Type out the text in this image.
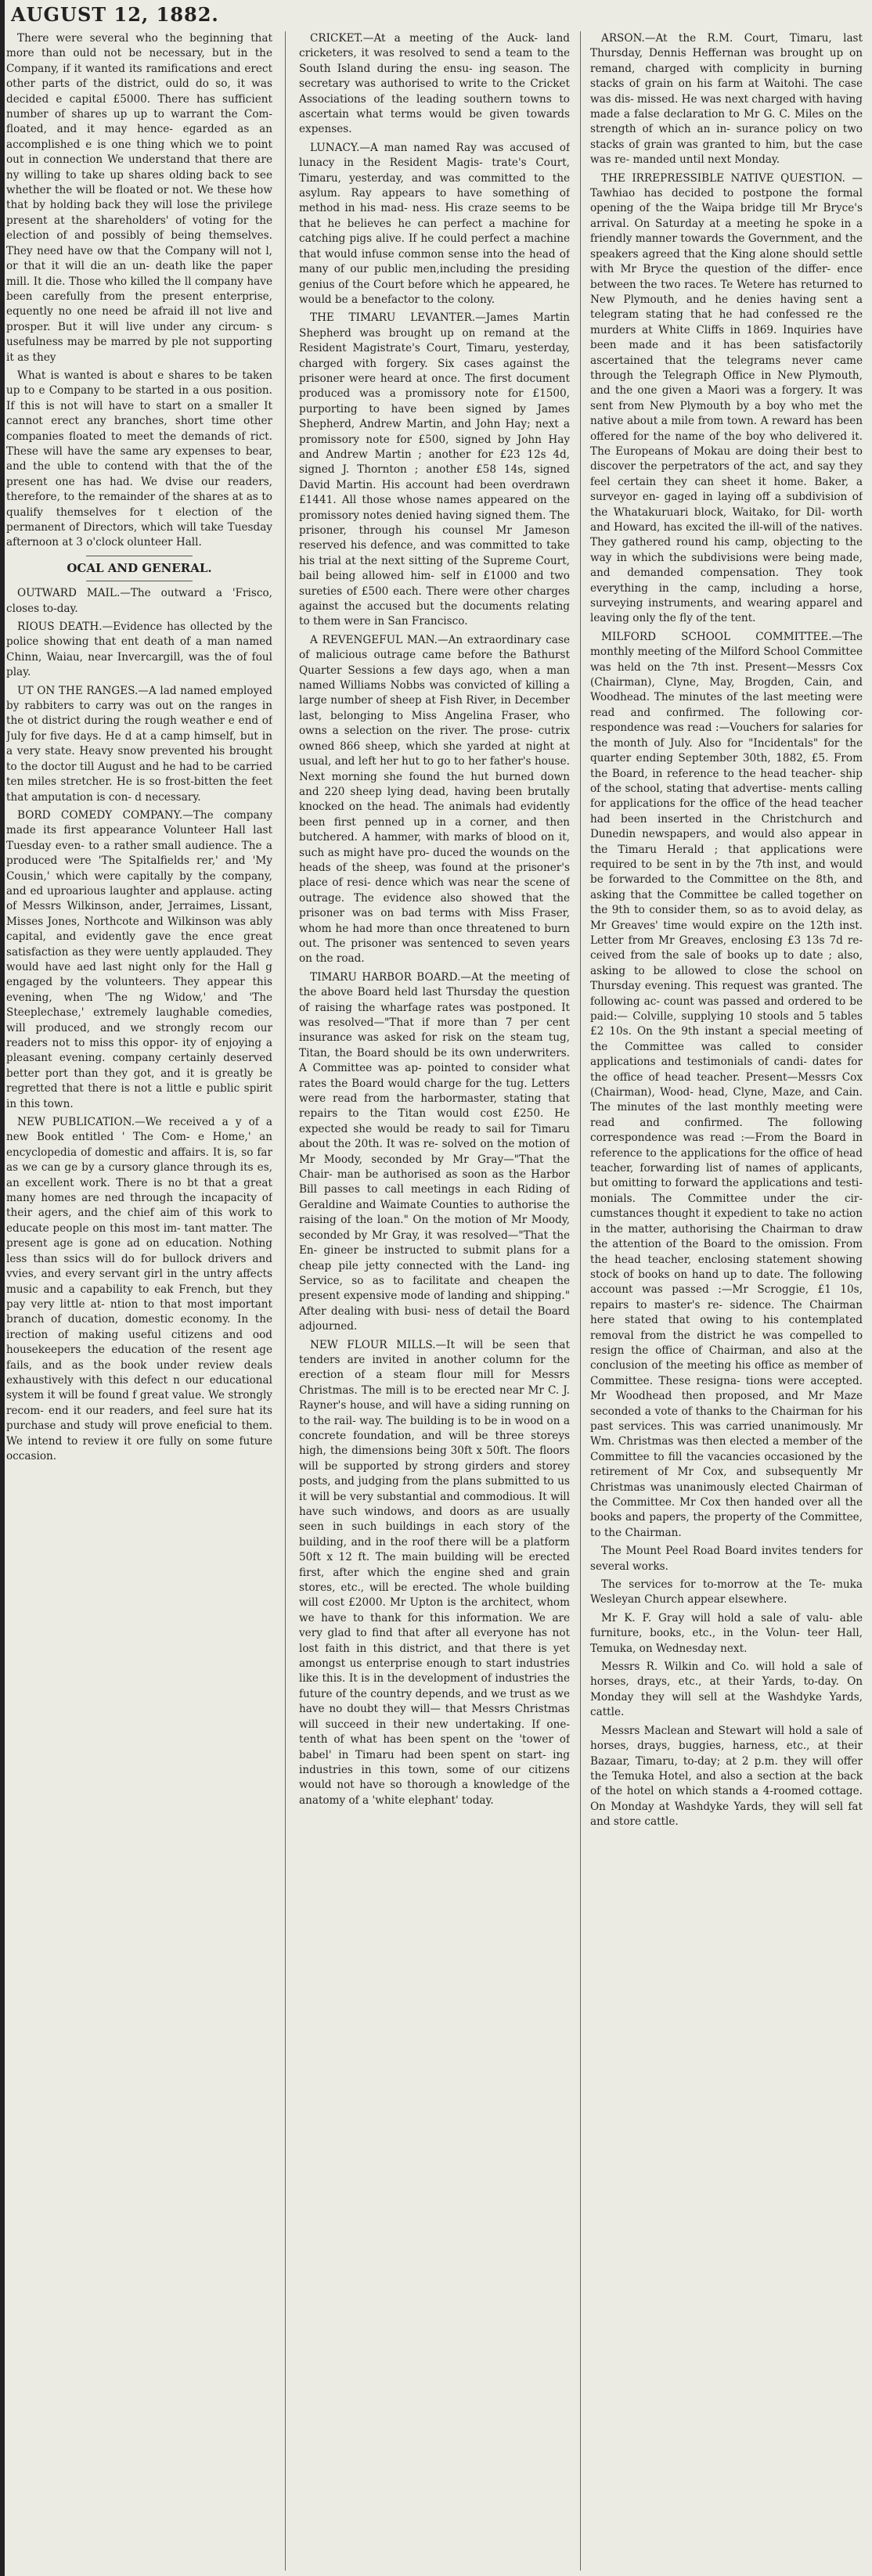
AUGUST 12, 1882.

There were several who the beginning that more than ould not be necessary, but in the Company, if it wanted its ramifications and erect other parts of the district, ould do so, it was decided e capital £5000. There has sufficient number of shares up up to warrant the Com- floated, and it may hence- egarded as an accomplished e is one thing which we to point out in connection We understand that there are ny willing to take up shares olding back to see whether the will be floated or not. We these how that by holding back they will lose the privilege present at the shareholders' of voting for the election of and possibly of being themselves. They need have ow that the Company will not l, or that it will die an un- death like the paper mill. It die. Those who killed the ll company have been carefully from the present enterprise, equently no one need be afraid ill not live and prosper. But it will live under any circum- s usefulness may be marred by ple not supporting it as they

What is wanted is about e shares to be taken up to e Company to be started in a ous position. If this is not will have to start on a smaller It cannot erect any branches, short time other companies floated to meet the demands of rict. These will have the same ary expenses to bear, and the uble to contend with that the of the present one has had. We dvise our readers, therefore, to the remainder of the shares at as to qualify themselves for t election of the permanent of Directors, which will take Tuesday afternoon at 3 o'clock olunteer Hall.

OCAL AND GENERAL.

OUTWARD MAIL.—The outward a 'Frisco, closes to-day.

RIOUS DEATH.—Evidence has ollected by the police showing that ent death of a man named Chinn, Waiau, near Invercargill, was the of foul play.

UT ON THE RANGES.—A lad named employed by rabbiters to carry was out on the ranges in the ot district during the rough weather e end of July for five days. He d at a camp himself, but in a very state. Heavy snow prevented his brought to the doctor till August and he had to be carried ten miles stretcher. He is so frost-bitten the feet that amputation is con- d necessary.

BORD COMEDY COMPANY.—The company made its first appearance Volunteer Hall last Tuesday even- to a rather small audience. The a produced were 'The Spitalfields rer,' and 'My Cousin,' which were capitally by the company, and ed uproarious laughter and applause. acting of Messrs Wilkinson, ander, Jerraimes, Lissant, Misses Jones, Northcote and Wilkinson was ably capital, and evidently gave the ence great satisfaction as they were uently applauded. They would have aed last night only for the Hall g engaged by the volunteers. They appear this evening, when 'The ng Widow,' and 'The Steeplechase,' extremely laughable comedies, will produced, and we strongly recom our readers not to miss this oppor- ity of enjoying a pleasant evening. company certainly deserved better port than they got, and it is greatly be regretted that there is not a little e public spirit in this town.

NEW PUBLICATION.—We received a y of a new Book entitled ' The Com- e Home,' an encyclopedia of domestic and affairs. It is, so far as we can ge by a cursory glance through its es, an excellent work. There is no bt that a great many homes are ned through the incapacity of their agers, and the chief aim of this work to educate people on this most im- tant matter. The present age is gone ad on education. Nothing less than ssics will do for bullock drivers and vvies, and every servant girl in the untry affects music and a capability to eak French, but they pay very little at- ntion to that most important branch of ducation, domestic economy. In the irection of making useful citizens and ood housekeepers the education of the resent age fails, and as the book under review deals exhaustively with this defect n our educational system it will be found f great value. We strongly recom- end it our readers, and feel sure hat its purchase and study will prove eneficial to them. We intend to review it ore fully on some future occasion.

CRICKET.—At a meeting of the Auck- land cricketers, it was resolved to send a team to the South Island during the ensu- ing season. The secretary was authorised to write to the Cricket Associations of the leading southern towns to ascertain what terms would be given towards expenses.

LUNACY.—A man named Ray was accused of lunacy in the Resident Magis- trate's Court, Timaru, yesterday, and was committed to the asylum. Ray appears to have something of method in his mad- ness. His craze seems to be that he believes he can perfect a machine for catching pigs alive. If he could perfect a machine that would infuse common sense into the head of many of our public men,including the presiding genius of the Court before which he appeared, he would be a benefactor to the colony.

THE TIMARU LEVANTER.—James Martin Shepherd was brought up on remand at the Resident Magistrate's Court, Timaru, yesterday, charged with forgery. Six cases against the prisoner were heard at once. The first document produced was a promissory note for £1500, purporting to have been signed by James Shepherd, Andrew Martin, and John Hay; next a promissory note for £500, signed by John Hay and Andrew Martin ; another for £23 12s 4d, signed J. Thornton ; another £58 14s, signed David Martin. His account had been overdrawn £1441. All those whose names appeared on the promissory notes denied having signed them. The prisoner, through his counsel Mr Jameson reserved his defence, and was committed to take his trial at the next sitting of the Supreme Court, bail being allowed him- self in £1000 and two sureties of £500 each. There were other charges against the accused but the documents relating to them were in San Francisco.

A REVENGEFUL MAN.—An extraordinary case of malicious outrage came before the Bathurst Quarter Sessions a few days ago, when a man named Williams Nobbs was convicted of killing a large number of sheep at Fish River, in December last, belonging to Miss Angelina Fraser, who owns a selection on the river. The prose- cutrix owned 866 sheep, which she yarded at night at usual, and left her hut to go to her father's house. Next morning she found the hut burned down and 220 sheep lying dead, having been brutally knocked on the head. The animals had evidently been first penned up in a corner, and then butchered. A hammer, with marks of blood on it, such as might have pro- duced the wounds on the heads of the sheep, was found at the prisoner's place of resi- dence which was near the scene of outrage. The evidence also showed that the prisoner was on bad terms with Miss Fraser, whom he had more than once threatened to burn out. The prisoner was sentenced to seven years on the road.

TIMARU HARBOR BOARD.—At the meeting of the above Board held last Thursday the question of raising the wharfage rates was postponed. It was resolved—"That if more than 7 per cent insurance was asked for risk on the steam tug, Titan, the Board should be its own underwriters. A Committee was ap- pointed to consider what rates the Board would charge for the tug. Letters were read from the harbormaster, stating that repairs to the Titan would cost £250. He expected she would be ready to sail for Timaru about the 20th. It was re- solved on the motion of Mr Moody, seconded by Mr Gray—"That the Chair- man be authorised as soon as the Harbor Bill passes to call meetings in each Riding of Geraldine and Waimate Counties to authorise the raising of the loan." On the motion of Mr Moody, seconded by Mr Gray, it was resolved—"That the En- gineer be instructed to submit plans for a cheap pile jetty connected with the Land- ing Service, so as to facilitate and cheapen the present expensive mode of landing and shipping." After dealing with busi- ness of detail the Board adjourned.

NEW FLOUR MILLS.—It will be seen that tenders are invited in another column for the erection of a steam flour mill for Messrs Christmas. The mill is to be erected near Mr C. J. Rayner's house, and will have a siding running on to the rail- way. The building is to be in wood on a concrete foundation, and will be three storeys high, the dimensions being 30ft x 50ft. The floors will be supported by strong girders and storey posts, and judging from the plans submitted to us it will be very substantial and commodious. It will have such windows, and doors as are usually seen in such buildings in each story of the building, and in the roof there will be a platform 50ft x 12 ft. The main building will be erected first, after which the engine shed and grain stores, etc., will be erected. The whole building will cost £2000. Mr Upton is the architect, whom we have to thank for this information. We are very glad to find that after all everyone has not lost faith in this district, and that there is yet amongst us enterprise enough to start industries like this. It is in the development of industries the future of the country depends, and we trust as we have no doubt they will— that Messrs Christmas will succeed in their new undertaking. If one-tenth of what has been spent on the 'tower of babel' in Timaru had been spent on start- ing industries in this town, some of our citizens would not have so thorough a knowledge of the anatomy of a 'white elephant' today.

ARSON.—At the R.M. Court, Timaru, last Thursday, Dennis Heffernan was brought up on remand, charged with complicity in burning stacks of grain on his farm at Waitohi. The case was dis- missed. He was next charged with having made a false declaration to Mr G. C. Miles on the strength of which an in- surance policy on two stacks of grain was granted to him, but the case was re- manded until next Monday.

THE IRREPRESSIBLE NATIVE QUESTION. —Tawhiao has decided to postpone the formal opening of the the Waipa bridge till Mr Bryce's arrival. On Saturday at a meeting he spoke in a friendly manner towards the Government, and the speakers agreed that the King alone should settle with Mr Bryce the question of the differ- ence between the two races. Te Wetere has returned to New Plymouth, and he denies having sent a telegram stating that he had confessed re the murders at White Cliffs in 1869. Inquiries have been made and it has been satisfactorily ascertained that the telegrams never came through the Telegraph Office in New Plymouth, and the one given a Maori was a forgery. It was sent from New Plymouth by a boy who met the native about a mile from town. A reward has been offered for the name of the boy who delivered it. The Europeans of Mokau are doing their best to discover the perpetrators of the act, and say they feel certain they can sheet it home. Baker, a surveyor en- gaged in laying off a subdivision of the Whatakuruari block, Waitako, for Dil- worth and Howard, has excited the ill-will of the natives. They gathered round his camp, objecting to the way in which the subdivisions were being made, and demanded compensation. They took everything in the camp, including a horse, surveying instruments, and wearing apparel and leaving only the fly of the tent.

MILFORD SCHOOL COMMITTEE.—The monthly meeting of the Milford School Committee was held on the 7th inst. Present—Messrs Cox (Chairman), Clyne, May, Brogden, Cain, and Woodhead. The minutes of the last meeting were read and confirmed. The following cor- respondence was read :—Vouchers for salaries for the month of July. Also for "Incidentals" for the quarter ending September 30th, 1882, £5. From the Board, in reference to the head teacher- ship of the school, stating that advertise- ments calling for applications for the office of the head teacher had been inserted in the Christchurch and Dunedin newspapers, and would also appear in the Timaru Herald ; that applications were required to be sent in by the 7th inst, and would be forwarded to the Committee on the 8th, and asking that the Committee be called together on the 9th to consider them, so as to avoid delay, as Mr Greaves' time would expire on the 12th inst. Letter from Mr Greaves, enclosing £3 13s 7d re- ceived from the sale of books up to date ; also, asking to be allowed to close the school on Thursday evening. This request was granted. The following ac- count was passed and ordered to be paid:— Colville, supplying 10 stools and 5 tables £2 10s. On the 9th instant a special meeting of the Committee was called to consider applications and testimonials of candi- dates for the office of head teacher. Present—Messrs Cox (Chairman), Wood- head, Clyne, Maze, and Cain. The minutes of the last monthly meeting were read and confirmed. The following correspondence was read :—From the Board in reference to the applications for the office of head teacher, forwarding list of names of applicants, but omitting to forward the applications and testi- monials. The Committee under the cir- cumstances thought it expedient to take no action in the matter, authorising the Chairman to draw the attention of the Board to the omission. From the head teacher, enclosing statement showing stock of books on hand up to date. The following account was passed :—Mr Scroggie, £1 10s, repairs to master's re- sidence. The Chairman here stated that owing to his contemplated removal from the district he was compelled to resign the office of Chairman, and also at the conclusion of the meeting his office as member of Committee. These resigna- tions were accepted. Mr Woodhead then proposed, and Mr Maze seconded a vote of thanks to the Chairman for his past services. This was carried unanimously. Mr Wm. Christmas was then elected a member of the Committee to fill the vacancies occasioned by the retirement of Mr Cox, and subsequently Mr Christmas was unanimously elected Chairman of the Committee. Mr Cox then handed over all the books and papers, the property of the Committee, to the Chairman.

The Mount Peel Road Board invites tenders for several works.

The services for to-morrow at the Te- muka Wesleyan Church appear elsewhere.

Mr K. F. Gray will hold a sale of valu- able furniture, books, etc., in the Volun- teer Hall, Temuka, on Wednesday next.

Messrs R. Wilkin and Co. will hold a sale of horses, drays, etc., at their Yards, to-day. On Monday they will sell at the Washdyke Yards, cattle.

Messrs Maclean and Stewart will hold a sale of horses, drays, buggies, harness, etc., at their Bazaar, Timaru, to-day; at 2 p.m. they will offer the Temuka Hotel, and also a section at the back of the hotel on which stands a 4-roomed cottage. On Monday at Washdyke Yards, they will sell fat and store cattle.
